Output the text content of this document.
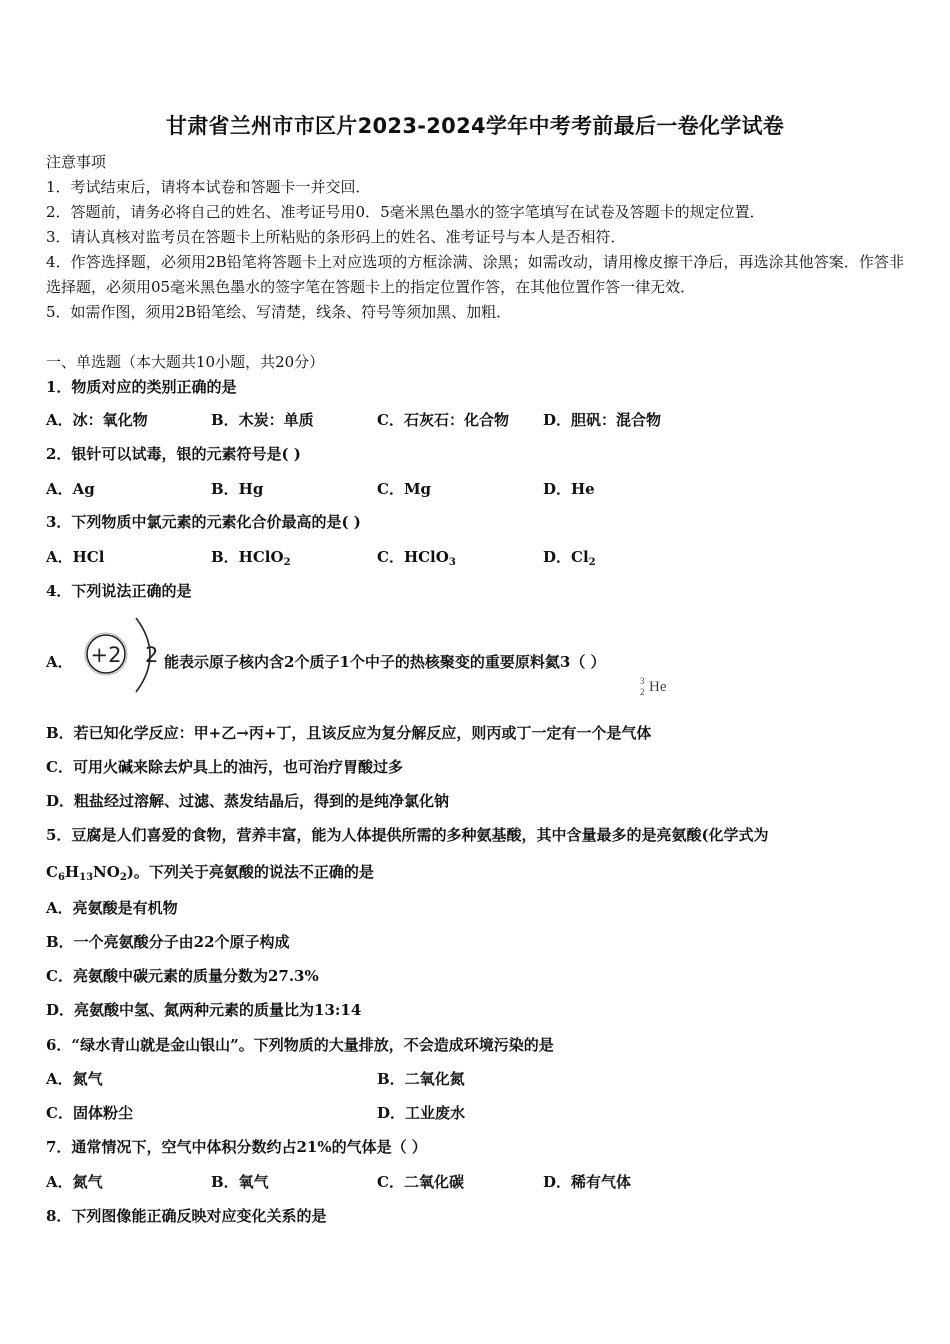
甘肃省兰州市市区片2023-2024学年中考考前最后一卷化学试卷
注意事项
1．考试结束后，请将本试卷和答题卡一并交回．
2．答题前，请务必将自己的姓名、准考证号用0．5毫米黑色墨水的签字笔填写在试卷及答题卡的规定位置．
3．请认真核对监考员在答题卡上所粘贴的条形码上的姓名、准考证号与本人是否相符．
4．作答选择题，必须用2B铅笔将答题卡上对应选项的方框涂满、涂黑；如需改动，请用橡皮擦干净后，再选涂其他答案．作答非选择题，必须用05毫米黑色墨水的签字笔在答题卡上的指定位置作答，在其他位置作答一律无效．
5．如需作图，须用2B铅笔绘、写清楚，线条、符号等须加黑、加粗．
一、单选题（本大题共10小题，共20分）
1．物质对应的类别正确的是
A．冰：氧化物	B．木炭：单质	C．石灰石：化合物 D．胆矾：混合物
2．银针可以试毒，银的元素符号是( )
A．Ag	B．Hg	C．Mg	D．He
3．下列物质中氯元素的元素化合价最高的是( )
A．HCl	B．HClO$_2$	C．HClO$_3$	D．$Cl_2$
4．下列说法正确的是
A． +2 2 能表示原子核内含2个质子1个中子的热核聚变的重要原料氦3（ ）
3
2 He
B．若已知化学反应：甲+乙→丙+丁，且该反应为复分解反应，则丙或丁一定有一个是气体
C．可用火碱来除去炉具上的油污，也可治疗胃酸过多
D．粗盐经过溶解、过滤、蒸发结晶后，得到的是纯净氯化钠
5．豆腐是人们喜爱的食物，营养丰富，能为人体提供所需的多种氨基酸，其中含量最多的是亮氨酸(化学式为
$C_6H_{13}NO_2$)。下列关于亮氨酸的说法不正确的是
A．亮氨酸是有机物
B．一个亮氨酸分子由22个原子构成
C．亮氨酸中碳元素的质量分数为27.3%
D．亮氨酸中氢、氮两种元素的质量比为13:14
6．“绿水青山就是金山银山”。下列物质的大量排放，不会造成环境污染的是
A．氮气	B．二氧化氮
C．固体粉尘	D．工业废水
7．通常情况下，空气中体积分数约占21%的气体是（ ）
A．氮气	B．氧气	C．二氧化碳	D．稀有气体
8．下列图像能正确反映对应变化关系的是
